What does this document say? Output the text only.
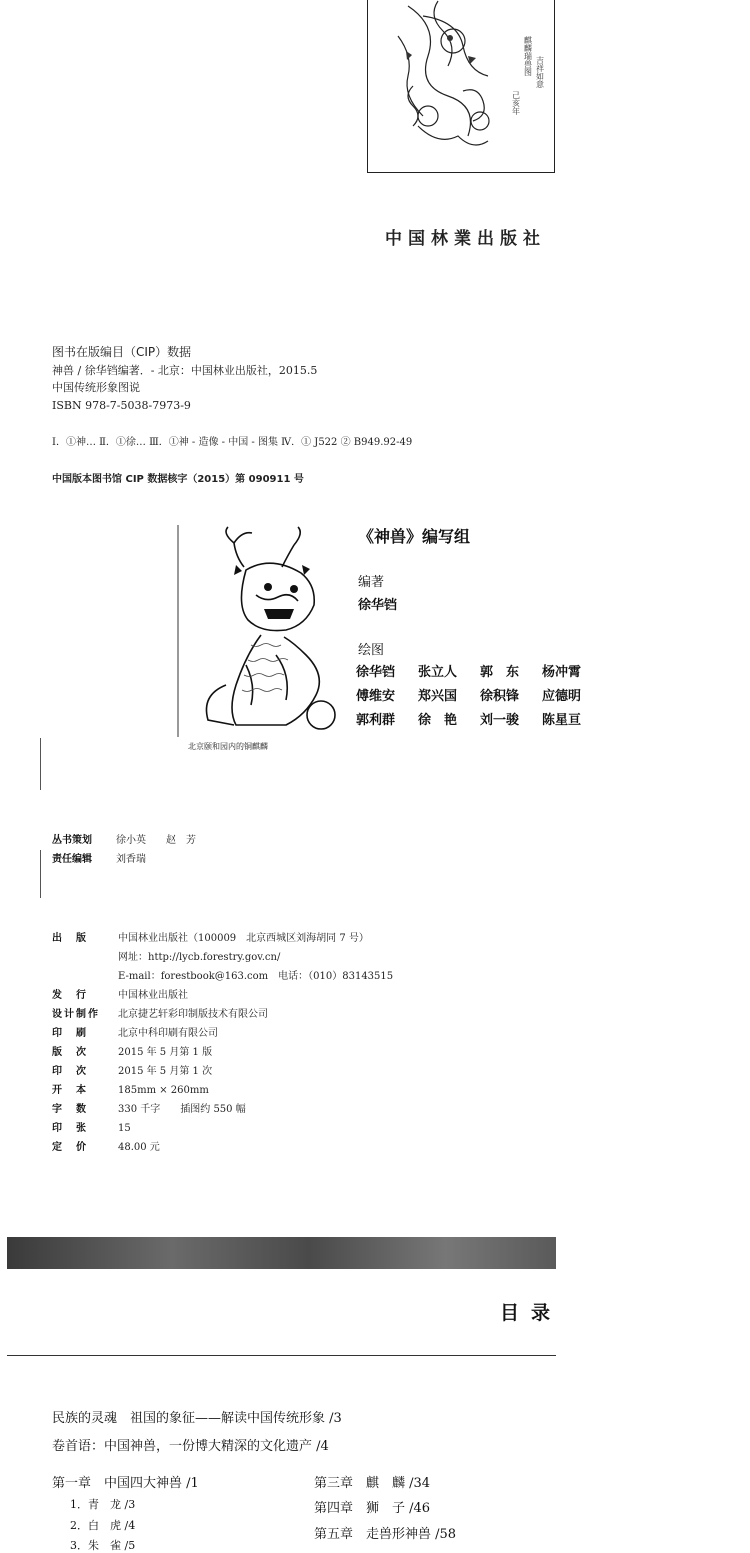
麒麟瑞兽图 吉祥如意
己亥年
中国林業出版社
图书在版编目（CIP）数据
神兽 / 徐华铛编著．- 北京：中国林业出版社，2015.5
中国传统形象图说
ISBN 978-7-5038-7973-9
Ⅰ．①神… Ⅱ．①徐… Ⅲ．①神 - 造像 - 中国 - 图集 Ⅳ．① J522 ② B949.92-49
中国版本图书馆 CIP 数据核字（2015）第 090911 号
北京颐和园内的铜麒麟
《神兽》编写组
编著
徐华铛
绘图
徐华铛	张立人	郭　东	杨冲霄
傅维安	郑兴国	徐积锋	应德明
郭利群	徐　艳	刘一骏	陈星亘
丛书策划 徐小英　　赵　芳
责任编辑 刘香瑞
出　版	中国林业出版社（100009　北京西城区刘海胡同 7 号）
网址：http://lycb.forestry.gov.cn/
E-mail：forestbook@163.com　电话：（010）83143515
发　行	中国林业出版社
设计制作 北京捷艺轩彩印制版技术有限公司
印　刷	北京中科印刷有限公司
版　次	2015 年 5 月第 1 版
印　次	2015 年 5 月第 1 次
开　本	185mm × 260mm
字　数	330 千字　　插图约 550 幅
印　张	15
定　价	48.00 元
目录
民族的灵魂　祖国的象征——解读中国传统形象 /3
卷首语：中国神兽，一份博大精深的文化遗产 /4
第一章　中国四大神兽 /1
1．青　龙 /3
2．白　虎 /4
3．朱　雀 /5
第三章　麒　麟 /34
第四章　狮　子 /46
第五章　走兽形神兽 /58
